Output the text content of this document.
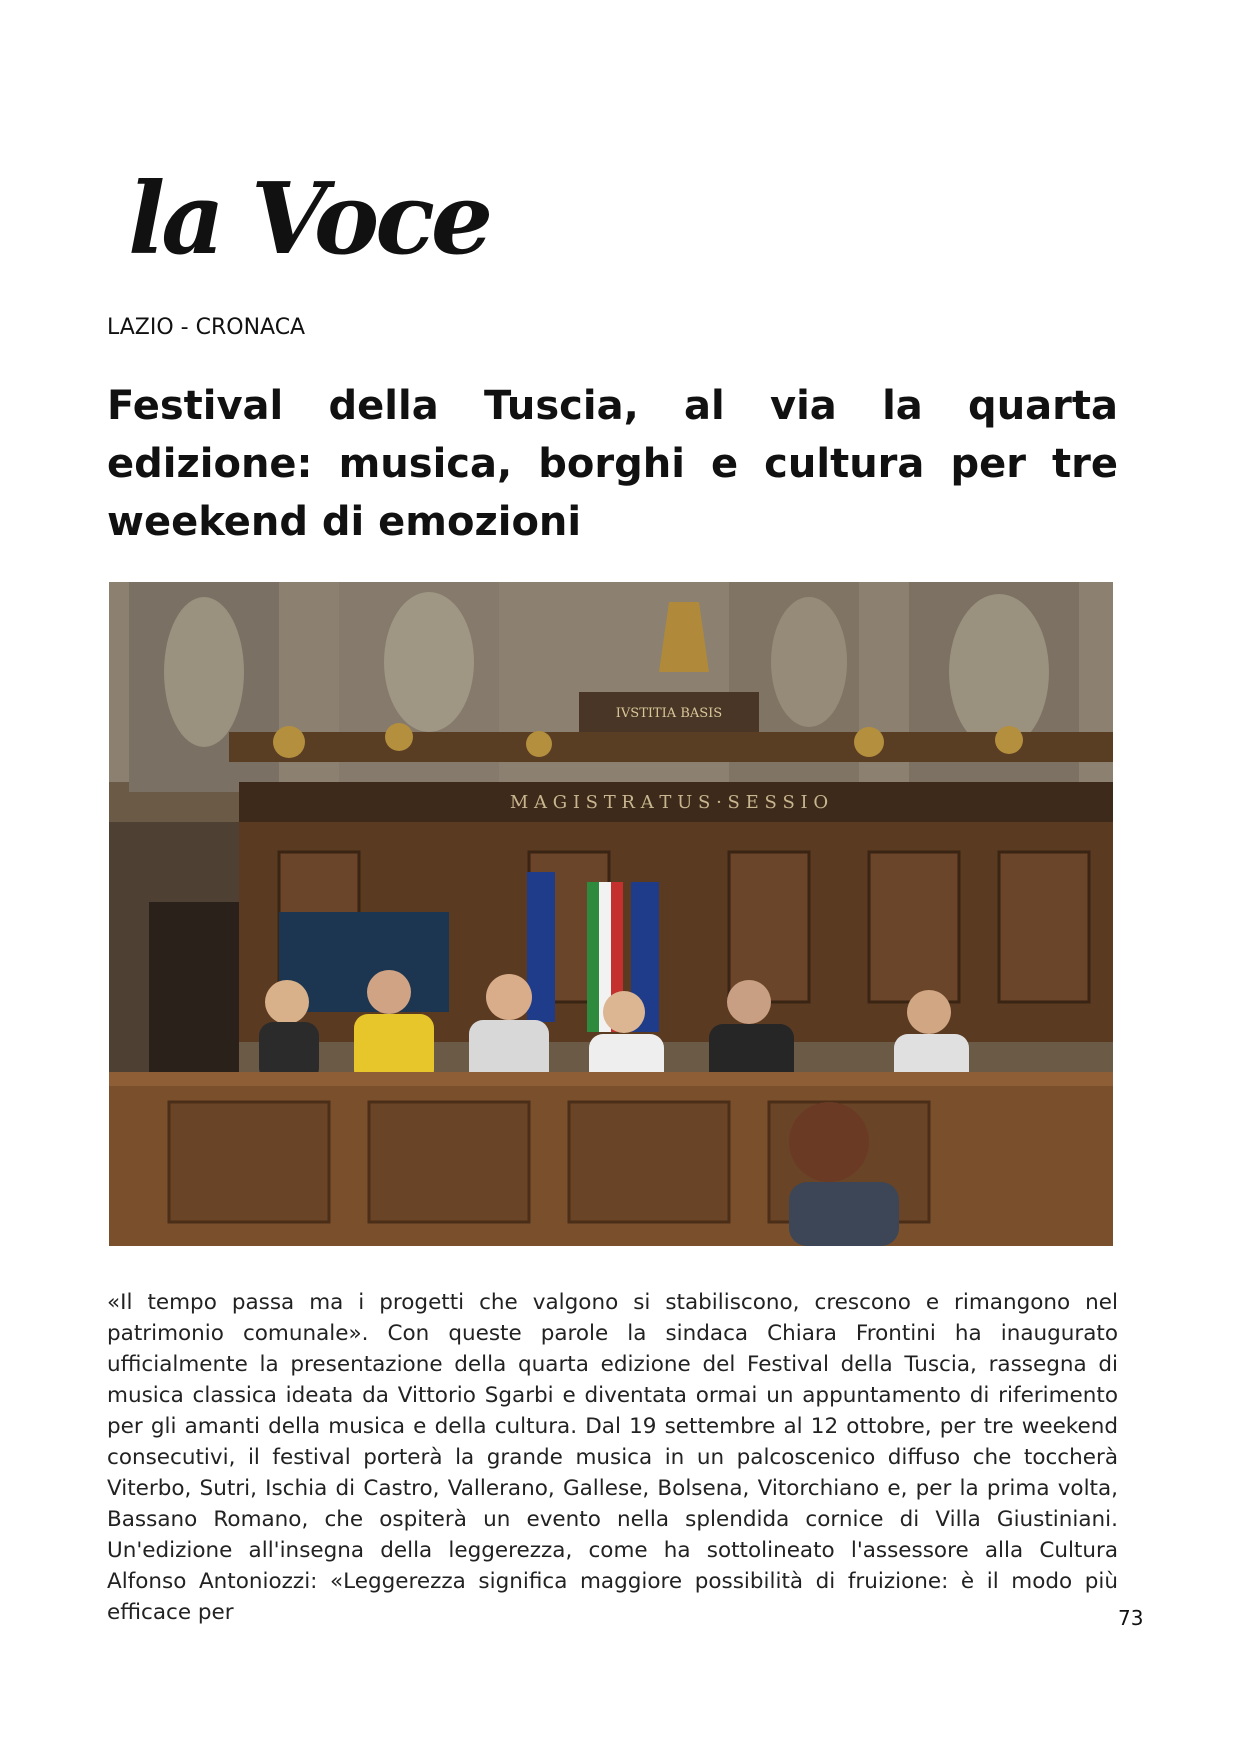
la Voce
LAZIO - CRONACA
Festival della Tuscia, al via la quarta edizione: musica, borghi e cultura per tre weekend di emozioni
IVSTITIA BASIS
M A G I S T R A T U S · S E S S I O

«Il tempo passa ma i progetti che valgono si stabiliscono, crescono e rimangono nel patrimonio comunale». Con queste parole la sindaca Chiara Frontini ha inaugurato ufficialmente la presentazione della quarta edizione del Festival della Tuscia, rassegna di musica classica ideata da Vittorio Sgarbi e diventata ormai un appuntamento di riferimento per gli amanti della musica e della cultura. Dal 19 settembre al 12 ottobre, per tre weekend consecutivi, il festival porterà la grande musica in un palcoscenico diffuso che toccherà Viterbo, Sutri, Ischia di Castro, Vallerano, Gallese, Bolsena, Vitorchiano e, per la prima volta, Bassano Romano, che ospiterà un evento nella splendida cornice di Villa Giustiniani. Un'edizione all'insegna della leggerezza, come ha sottolineato l'assessore alla Cultura Alfonso Antoniozzi: «Leggerezza significa maggiore possibilità di fruizione: è il modo più efficace per	73
